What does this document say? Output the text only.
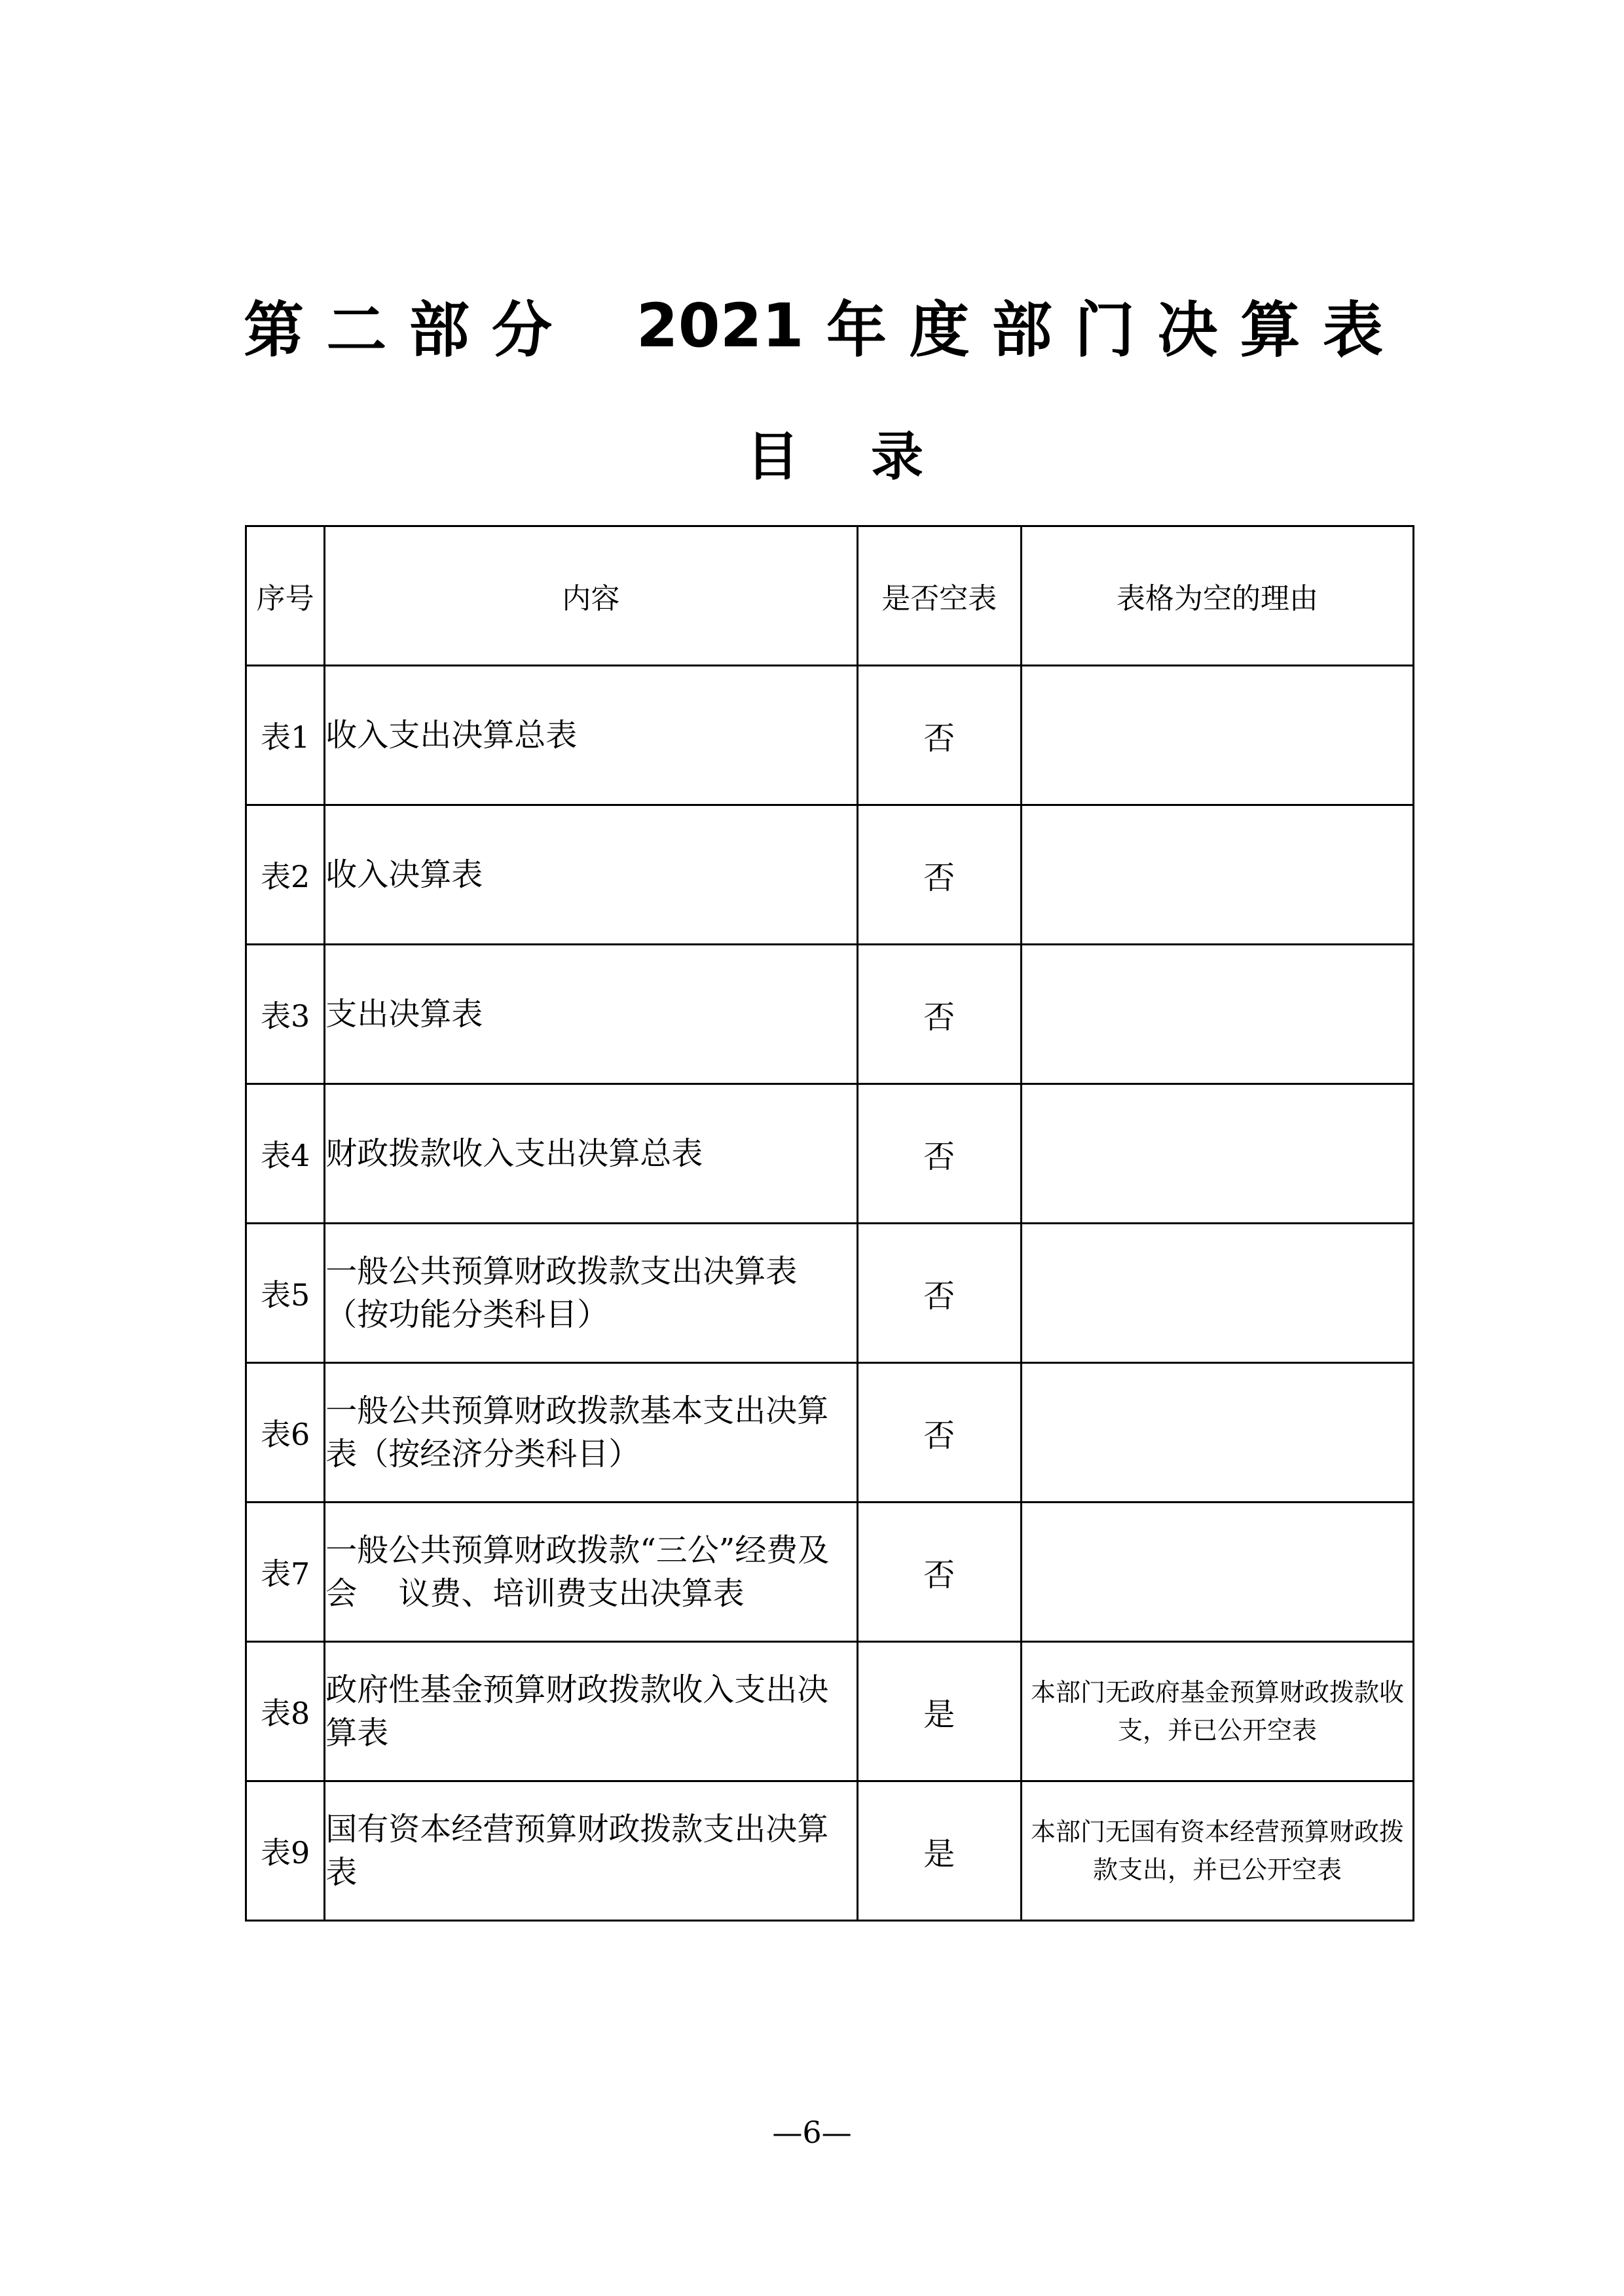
第 二 部 分 2021 年 度 部 门 决 算 表
目 录
序号	内容	是否空表	表格为空的理由
表1	收入支出决算总表	否	
表2	收入决算表	否	
表3	支出决算表	否	
表4	财政拨款收入支出决算总表	否	
表5	一般公共预算财政拨款支出决算表（按功能分类科目）	否	
表6	一般公共预算财政拨款基本支出决算表（按经济分类科目）	否	
表7	一般公共预算财政拨款“三公”经费及会　 议费、培训费支出决算表	否	
表8	政府性基金预算财政拨款收入支出决算表	是	本部门无政府基金预算财政拨款收支，并已公开空表
表9	国有资本经营预算财政拨款支出决算表	是	本部门无国有资本经营预算财政拨款支出，并已公开空表
—6—
